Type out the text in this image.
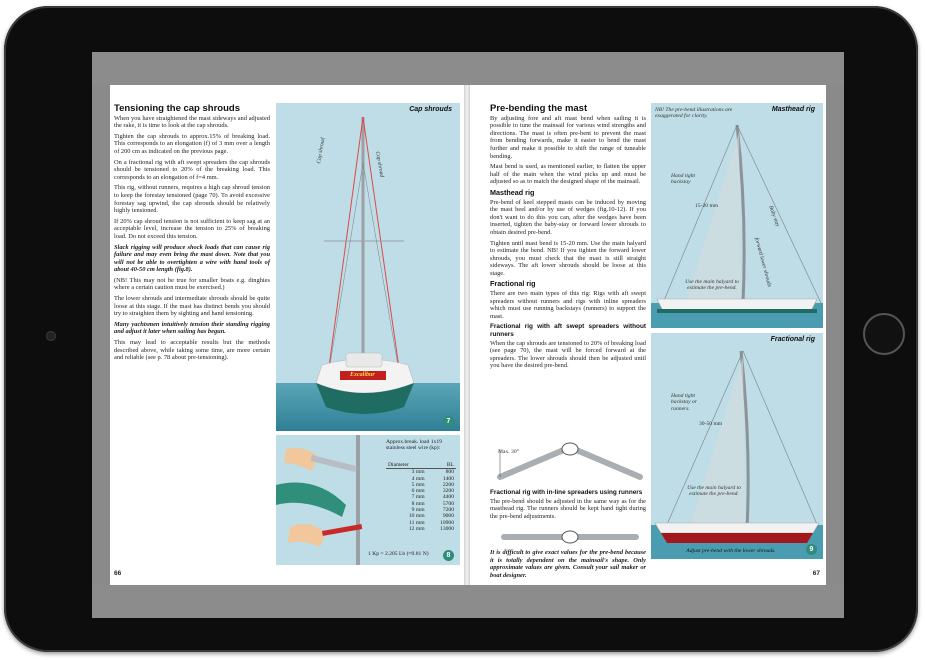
Tensioning the cap shrouds

When you have straightened the mast sideways and adjusted the rake, it is time to look at the cap shrouds.

Tighten the cap shrouds to approx.15% of breaking load. This corresponds to an elongation (f) of 3 mm over a length of 200 cm as indicated on the previous page.

On a fractional rig with aft swept spreaders the cap shrouds should be tensioned to 20% of the breaking load. This corresponds to an elongation of f=4 mm.

This rig, without runners, requires a high cap shroud tension to keep the forestay tensioned (page 70). To avoid excessive forestay sag upwind, the cap shrouds should be relatively highly tensioned.

If 20% cap shroud tension is not sufficient to keep sag at an acceptable level, increase the tension to 25% of breaking load. Do not exceed this tension.

Slack rigging will produce shock loads that can cause rig failure and may even bring the mast down. Note that you will not be able to overtighten a wire with hand tools of about 40-50 cm length (fig.8).

(NB! This may not be true for smaller boats e.g. dinghies where a certain caution must be exercised.)

The lower shrouds and intermediate shrouds should be quite loose at this stage. If the mast has distinct bends you should try to straighten them by sighting and hand tensioning.

Many yachtsmen intuitively tension their standing rigging and adjust it later when sailing has begun.

This may lead to acceptable results but the methods described above, while taking some time, are more certain and reliable (see p. 78 about pre-tensioning).

Cap shrouds
Cap shroud
Cap shroud
Excalibur
7
Approx.break. load 1x19 stainless steel wire (kp):
Diameter	BL
3 mm	800
4 mm	1400
5 mm	2200
6 mm	3200
7 mm	4400
8 mm	5700
9 mm	7200
10 mm	9000
11 mm	10900
12 mm	13000
1 Kp = 2.205 Lb (≈9.81 N)	8
66
Pre-bending the mast

By adjusting fore and aft mast bend when sailing it is possible to tune the mainsail for various wind strengths and directions. The mast is often pre-bent to prevent the mast from bending forwards, make it easier to bend the mast further and make it possible to shift the range of tuneable bending.

Mast bend is used, as mentioned earlier, to flatten the upper half of the main when the wind picks up and must be adjusted so as to match the designed shape of the mainsail.

Masthead rig

Pre-bend of keel stepped masts can be induced by moving the mast heel and/or by use of wedges (fig.10-12). If you don't want to do this you can, after the wedges have been inserted, tighten the baby-stay or forward lower shrouds to obtain desired pre-bend.

Tighten until mast bend is 15-20 mm. Use the main halyard to estimate the bend. NB! If you tighten the forward lower shrouds, you must check that the mast is still straight sideways. The aft lower shrouds should be loose at this stage.

Fractional rig

There are two main types of this rig: Rigs with aft swept spreaders without runners and rigs with inline spreaders which must use running backstays (runners) to support the mast.

Fractional rig with aft swept spreaders without runners

When the cap shrouds are tensioned to 20% of breaking load (see page 70), the mast will be forced forward at the spreaders. The lower shrouds should then be adjusted until you have the desired pre-bend.

Max. 30°
Fractional rig with in-line spreaders using runners

The pre-bend should be adjusted in the same way as for the masthead rig. The runners should be kept hand tight during the pre-bend adjustments.

It is difficult to give exact values for the pre-bend because it is totally dependent on the mainsail's shape. Only approximate values are given. Consult your sail maker or boat designer.

Masthead rig
NB! The pre-bend illustrations are exaggerated for clarity.
Hand tight backstay
15-20 mm	Baby stay
forward lower shrouds
Use the main halyard to estimate the pre-bend.
Fractional rig
Hand tight backstay or runners.
30-50 mm
Use the main halyard to estimate the pre-bend.
Adjust pre-bend with the lower shrouds.	9
67
